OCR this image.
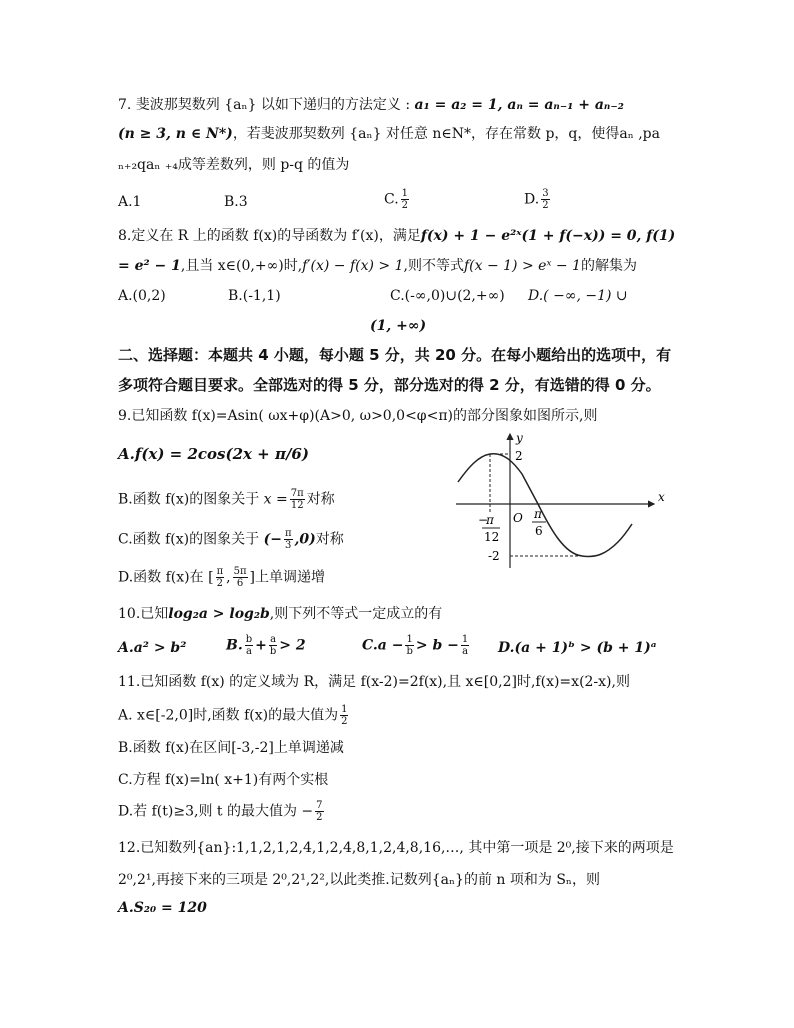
7. 斐波那契数列 {aₙ} 以如下递归的方法定义 : a₁ = a₂ = 1, aₙ = aₙ₋₁ + aₙ₋₂
(n ≥ 3, n ∈ N*)，若斐波那契数列 {aₙ} 对任意 n∈N*，存在常数 p，q，使得aₙ ,pa
ₙ₊₂qaₙ ₊₄成等差数列，则 p-q 的值为
A.1	B.3	C. $\frac{1}{2}$	D. $\frac{3}{2}$
8.定义在 R 上的函数 f(x)的导函数为 f′(x)，满足f(x) + 1 − e²ˣ(1 + f(−x)) = 0, f(1)
= e² − 1,且当 x∈(0,+∞)时,f′(x) − f(x) > 1,则不等式f(x − 1) > eˣ − 1的解集为
A.(0,2)	B.(-1,1)	C.(-∞,0)∪(2,+∞) D.( −∞, −1) ∪
(1, +∞)
二、选择题：本题共 4 小题，每小题 5 分，共 20 分。在每小题给出的选项中，有
多项符合题目要求。全部选对的得 5 分，部分选对的得 2 分，有选错的得 0 分。
9.已知函数 f(x)=Asin( ωx+φ)(A>0, ω>0,0<φ<π)的部分图象如图所示,则
A.f(x) = 2cos(2x + π/6)
B.函数 f(x)的图象关于 $x = \frac{7\pi}{12}$ 对称
C.函数 f(x)的图象关于 (− $\frac{\pi}{3} ,0$)对称
D.函数 f(x)在 [ $\frac{\pi}{2}$ , $\frac{5\pi}{6}$ ]上单调递增
y
x
2
O
-2
−
π
12
π
6
10.已知log₂a > log₂b,则下列不等式一定成立的有
A.a² > b²	B. $\frac{b}{a} + \frac{a}{b} > 2$	$C.a - \frac{1}{b} > b - \frac{1}{a} D.(a$ + 1)ᵇ > (b + 1)ᵃ
11.已知函数 f(x) 的定义域为 R，满足 f(x-2)=2f(x),且 x∈[0,2]时,f(x)=x(2-x),则
A. x∈[-2,0]时,函数 f(x)的最大值为 $\frac{1}{2}$
B.函数 f(x)在区间[-3,-2]上单调递减
C.方程 f(x)=ln( x+1)有两个实根
D.若 f(t)≥3,则 t 的最大值为 − $\frac{7}{2}$
12.已知数列{an}:1,1,2,1,2,4,1,2,4,8,1,2,4,8,16,…, 其中第一项是 2⁰,接下来的两项是
2⁰,2¹,再接下来的三项是 2⁰,2¹,2²,以此类推.记数列{aₙ}的前 n 项和为 Sₙ，则
A.S₂₀ = 120
